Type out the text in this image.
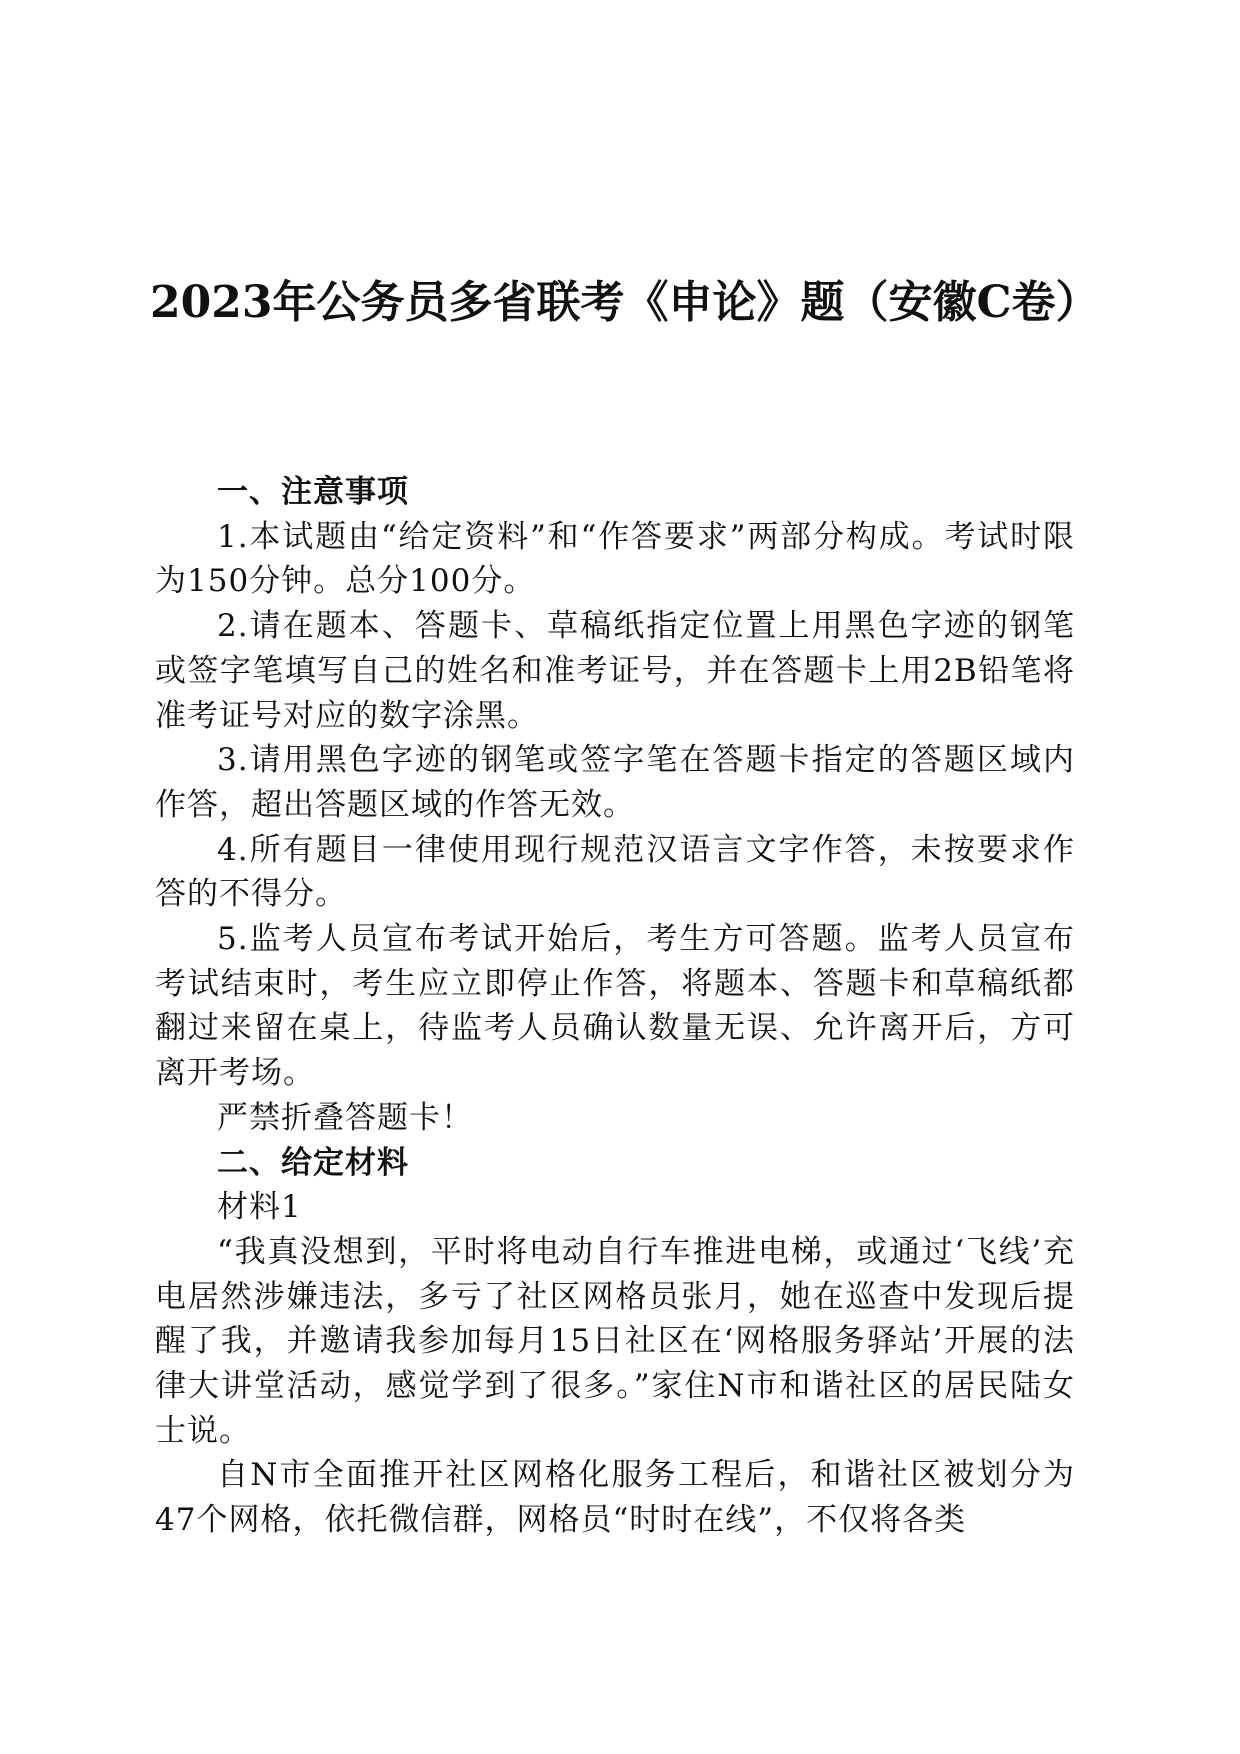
2023年公务员多省联考《申论》题（安徽C卷）
一、注意事项

1.本试题由“给定资料”和“作答要求”两部分构成。考试时限为150分钟。总分100分。

2.请在题本、答题卡、草稿纸指定位置上用黑色字迹的钢笔或签字笔填写自己的姓名和准考证号，并在答题卡上用2B铅笔将准考证号对应的数字涂黑。

3.请用黑色字迹的钢笔或签字笔在答题卡指定的答题区域内作答，超出答题区域的作答无效。

4.所有题目一律使用现行规范汉语言文字作答，未按要求作答的不得分。

5.监考人员宣布考试开始后，考生方可答题。监考人员宣布考试结束时，考生应立即停止作答，将题本、答题卡和草稿纸都翻过来留在桌上，待监考人员确认数量无误、允许离开后，方可离开考场。

严禁折叠答题卡！

二、给定材料

材料1

“我真没想到，平时将电动自行车推进电梯，或通过‘飞线’充电居然涉嫌违法，多亏了社区网格员张月，她在巡查中发现后提醒了我，并邀请我参加每月15日社区在‘网格服务驿站’开展的法律大讲堂活动，感觉学到了很多。”家住N市和谐社区的居民陆女士说。

自N市全面推开社区网格化服务工程后，和谐社区被划分为47个网格，依托微信群，网格员“时时在线”，不仅将各类
